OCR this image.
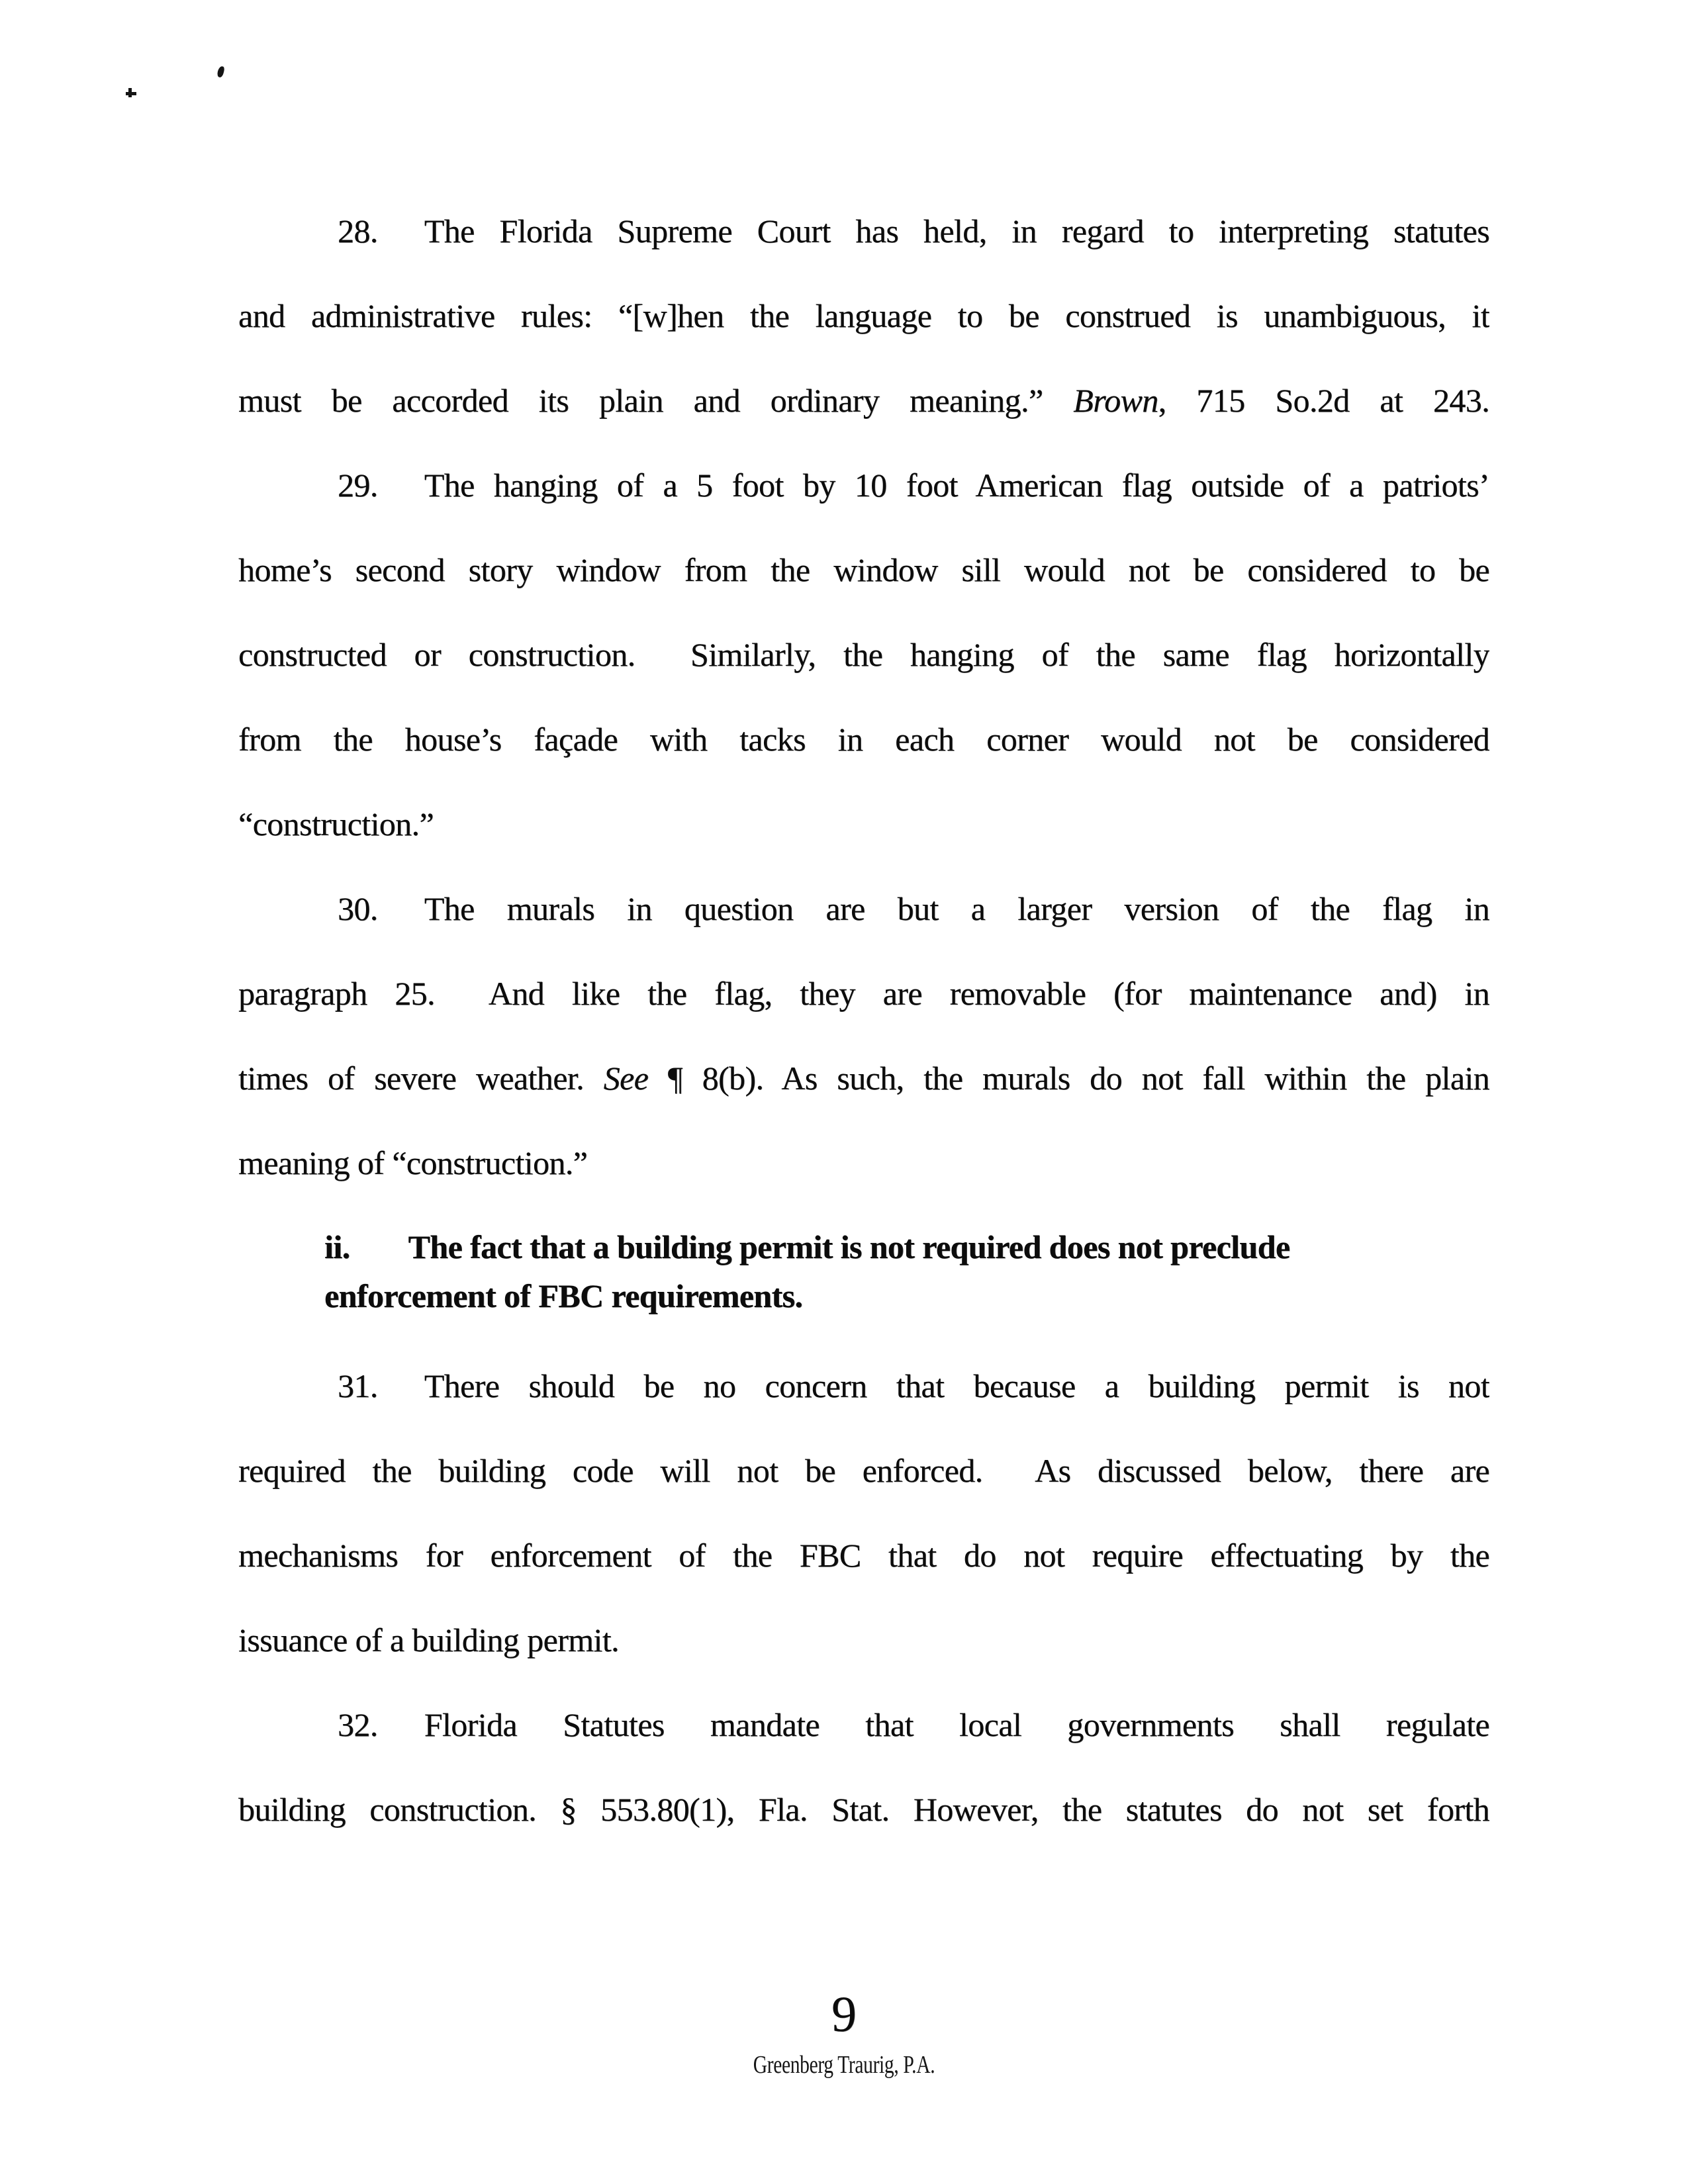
28. The Florida Supreme Court has held, in regard to interpreting statutes
and administrative rules: “[w]hen the language to be construed is unambiguous, it
must be accorded its plain and ordinary meaning.” Brown, 715 So.2d at 243.
29. The hanging of a 5 foot by 10 foot American flag outside of a patriots’
home’s second story window from the window sill would not be considered to be
constructed or construction.  Similarly, the hanging of the same flag horizontally
from the house’s façade with tacks in each corner would not be considered
“construction.”
30. The murals in question are but a larger version of the flag in
paragraph 25.  And like the flag, they are removable (for maintenance and) in
times of severe weather. See ¶ 8(b). As such, the murals do not fall within the plain
meaning of “construction.”
ii. The fact that a building permit is not required does not preclude
enforcement of FBC requirements.
31. There should be no concern that because a building permit is not
required the building code will not be enforced.  As discussed below, there are
mechanisms for enforcement of the FBC that do not require effectuating by the
issuance of a building permit.
32. Florida Statutes mandate that local governments shall regulate
building construction. § 553.80(1), Fla. Stat. However, the statutes do not set forth
9
Greenberg Traurig, P.A.
